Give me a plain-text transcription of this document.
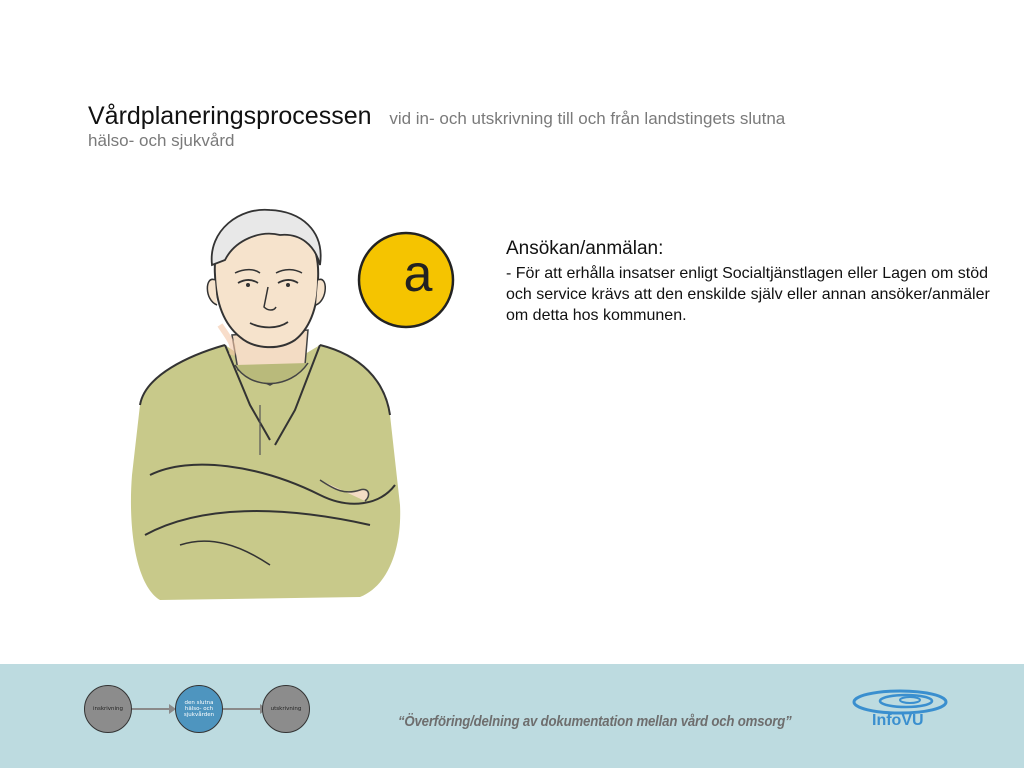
Vårdplaneringsprocessen vid in- och utskrivning till och från landstingets slutna
hälso- och sjukvård
a	Ansökan/anmälan:
- För att erhålla insatser enligt Socialtjänstlagen eller Lagen om stöd och service krävs att den enskilde själv eller annan ansöker/anmäler om detta hos kommunen.
inskrivning
den slutna hälso- och sjukvården
utskrivning
“Överföring/delning av dokumentation mellan vård och omsorg”	InfoVU
